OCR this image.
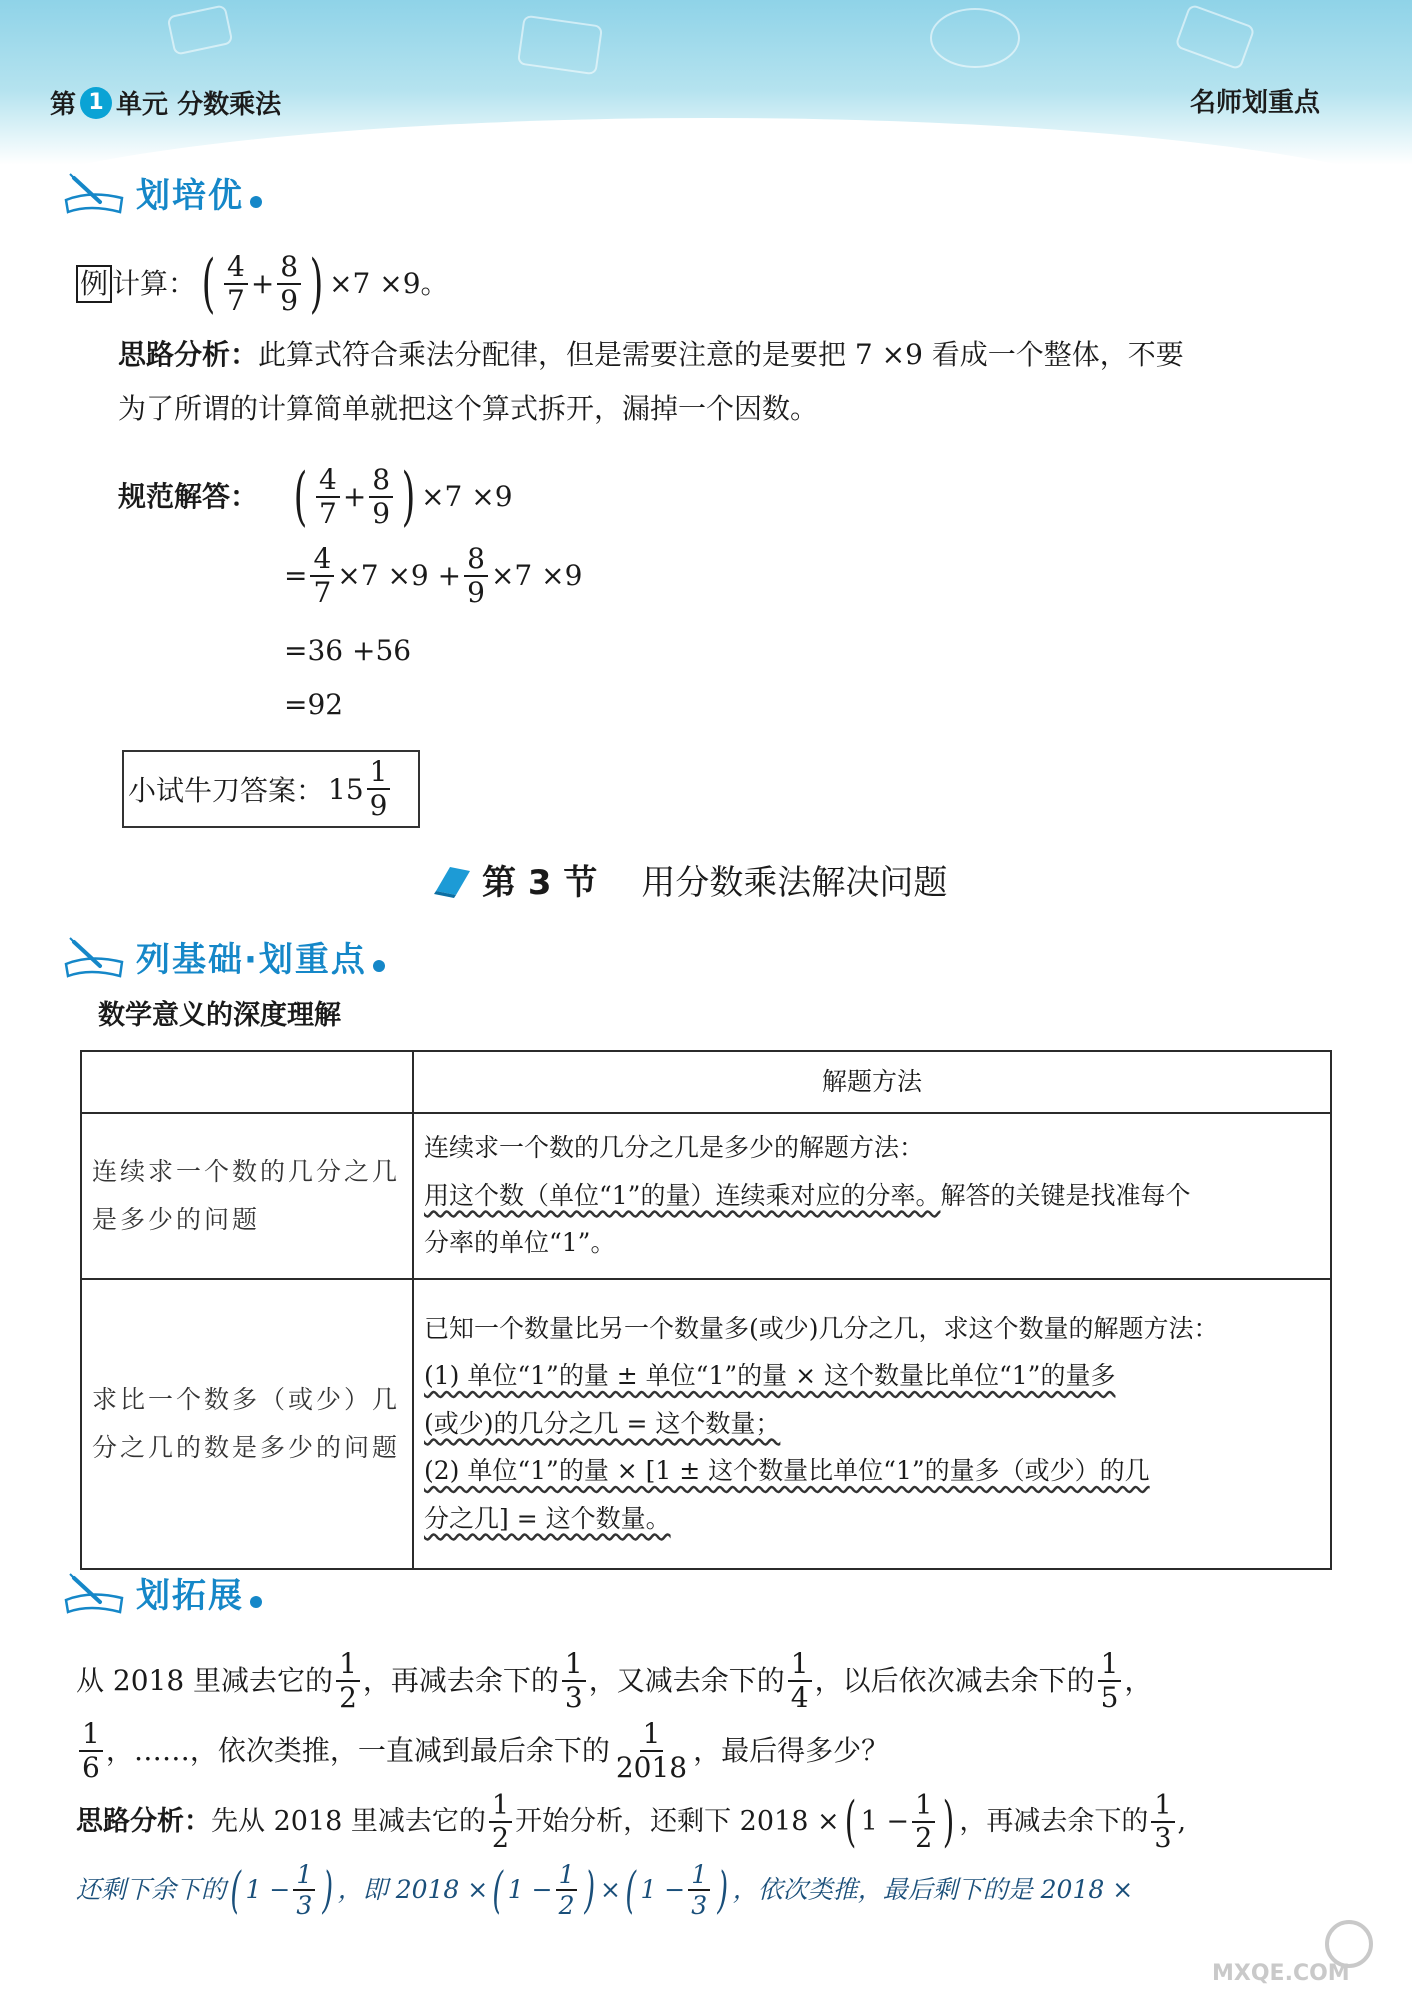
第 1 单元 分数乘法	名师划重点
划培优
例 计算： ( $\frac{4}{7} + \frac{8}{9}$ ) ×7 ×9。
思路分析：此算式符合乘法分配律，但是需要注意的是要把 7 ×9 看成一个整体，不要
为了所谓的计算简单就把这个算式拆开，漏掉一个因数。
规范解答： ( $\frac{4}{7} + \frac{8}{9}$ ) ×7 ×9
= $\frac{4}{7} \times 7 \times 9 + \frac{8}{9} \times 7 \times 9$
=36 +56
=92
小试牛刀答案： $15 \frac{1}{9}$
第 3 节 用分数乘法解决问题
列基础·划重点
数学意义的深度理解
	解题方法
连续求一个数的几分之几是多少的问题	连续求一个数的几分之几是多少的解题方法：
用这个数（单位“1”的量）连续乘对应的分率。解答的关键是找准每个
分率的单位“1”。

求比一个数多（或少）几分之几的数是多少的问题	已知一个数量比另一个数量多(或少)几分之几，求这个数量的解题方法：
(1) 单位“1”的量 ± 单位“1”的量 × 这个数量比单位“1”的量多
(或少)的几分之几 = 这个数量；
(2) 单位“1”的量 × [1 ± 这个数量比单位“1”的量多（或少）的几
分之几] = 这个数量。
划拓展
从 2018 里减去它的 $\frac{1}{2}$ ，再减去余下的 $\frac{1}{3}$ ，又减去余下的 $\frac{1}{4}$ ，以后依次减去余下的 $\frac{1}{5}$ ，
$\frac{1}{6}$ ，……，依次类推，一直减到最后余下的 $\frac{1}{2018}$ ，最后得多少？
思路分析： 先从 2018 里减去它的 $\frac{1}{2}$ 开始分析，还剩下 2018 × ( $1 - \frac{1}{2}$ ) ，再减去余下的 $\frac{1}{3}$ ,
还剩下余下的 ( $1 - \frac{1}{3}$ ) ，即 2018 × ( $1 - \frac{1}{2}$ ) × ( $1 - \frac{1}{3}$ ) ，依次类推，最后剩下的是 2018 ×
MXQE.COM
